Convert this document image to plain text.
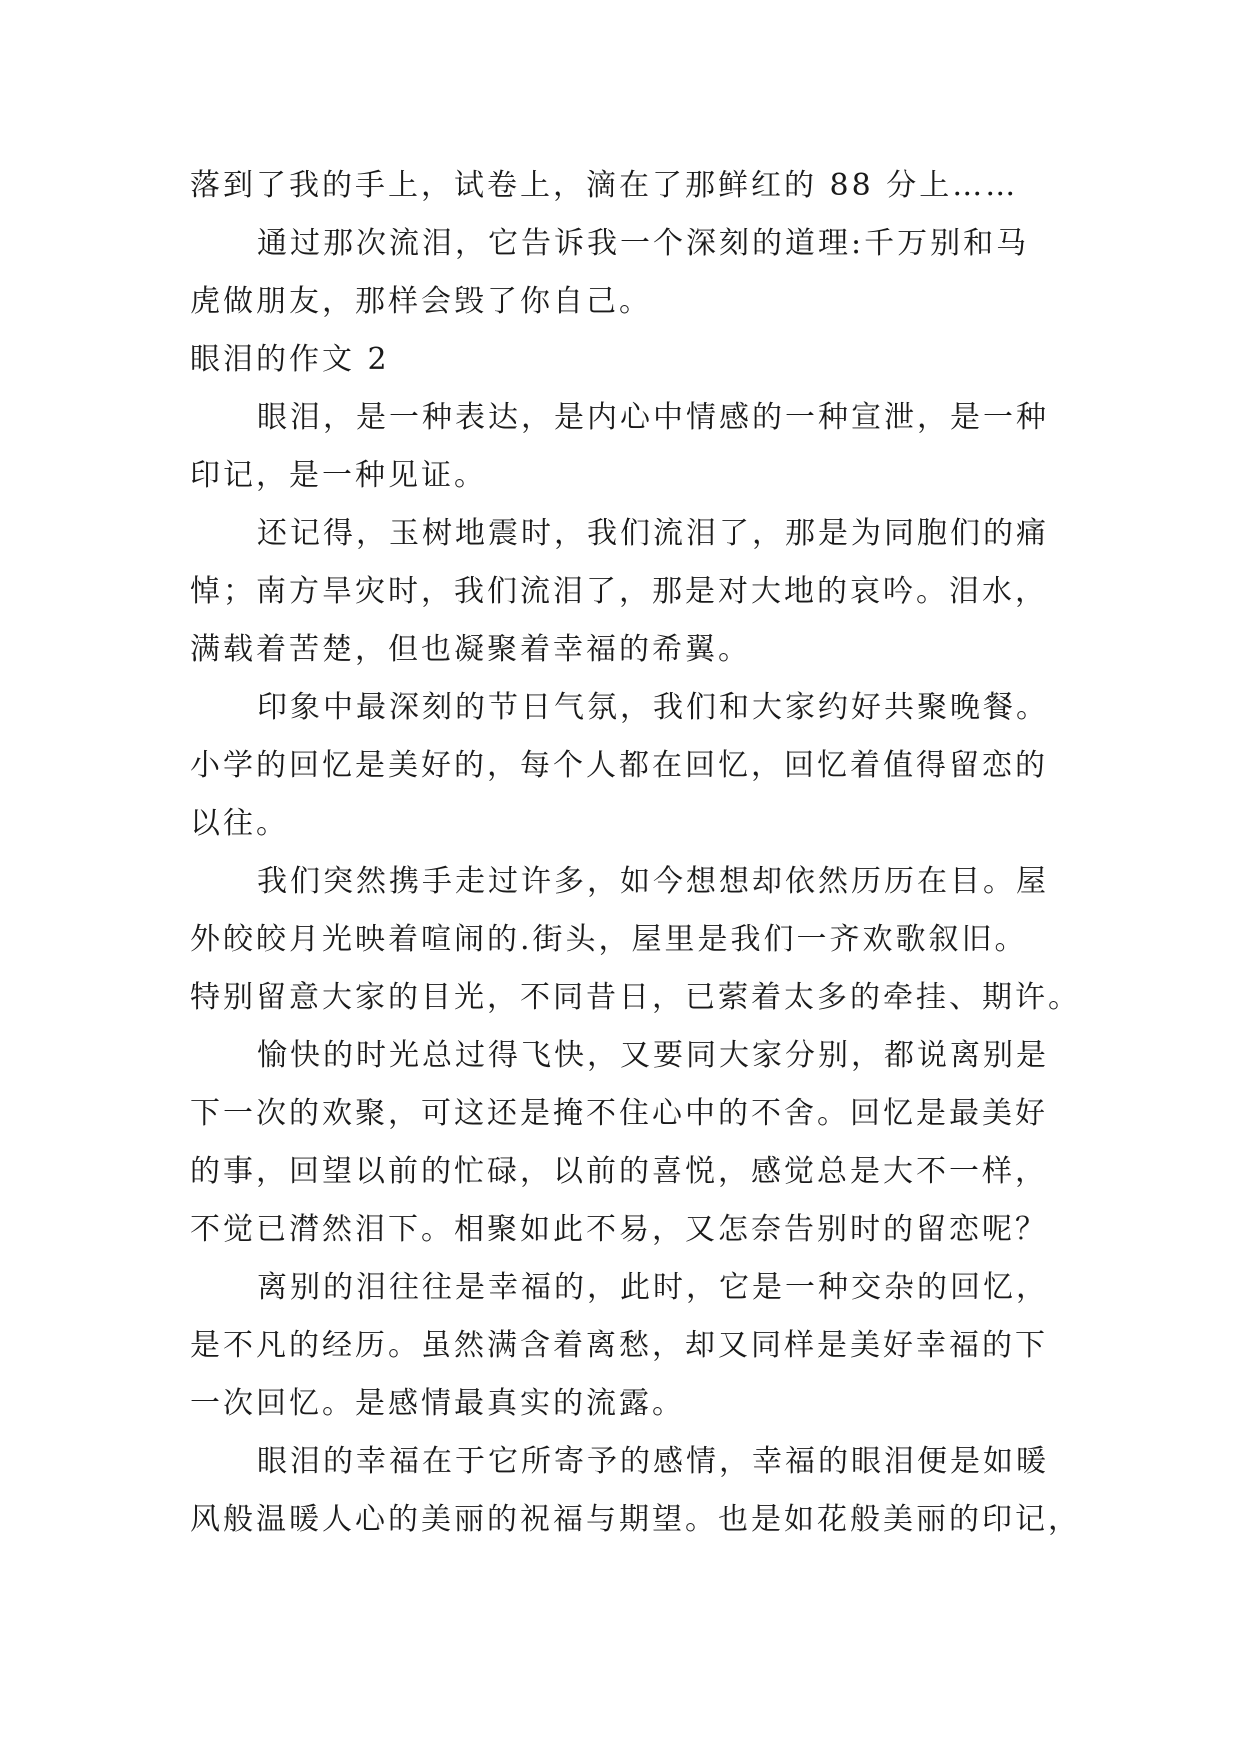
落到了我的手上，试卷上，滴在了那鲜红的 88 分上……
通过那次流泪，它告诉我一个深刻的道理:千万别和马
虎做朋友，那样会毁了你自己。
眼泪的作文 2
眼泪，是一种表达，是内心中情感的一种宣泄，是一种
印记，是一种见证。
还记得，玉树地震时，我们流泪了，那是为同胞们的痛
悼；南方旱灾时，我们流泪了，那是对大地的哀吟。泪水，
满载着苦楚，但也凝聚着幸福的希翼。
印象中最深刻的节日气氛，我们和大家约好共聚晚餐。
小学的回忆是美好的，每个人都在回忆，回忆着值得留恋的
以往。
我们突然携手走过许多，如今想想却依然历历在目。屋
外皎皎月光映着喧闹的.街头，屋里是我们一齐欢歌叙旧。
特别留意大家的目光，不同昔日，已萦着太多的牵挂、期许。
愉快的时光总过得飞快，又要同大家分别，都说离别是
下一次的欢聚，可这还是掩不住心中的不舍。回忆是最美好
的事，回望以前的忙碌，以前的喜悦，感觉总是大不一样，
不觉已潸然泪下。相聚如此不易，又怎奈告别时的留恋呢？
离别的泪往往是幸福的，此时，它是一种交杂的回忆，
是不凡的经历。虽然满含着离愁，却又同样是美好幸福的下
一次回忆。是感情最真实的流露。
眼泪的幸福在于它所寄予的感情，幸福的眼泪便是如暖
风般温暖人心的美丽的祝福与期望。也是如花般美丽的印记，
